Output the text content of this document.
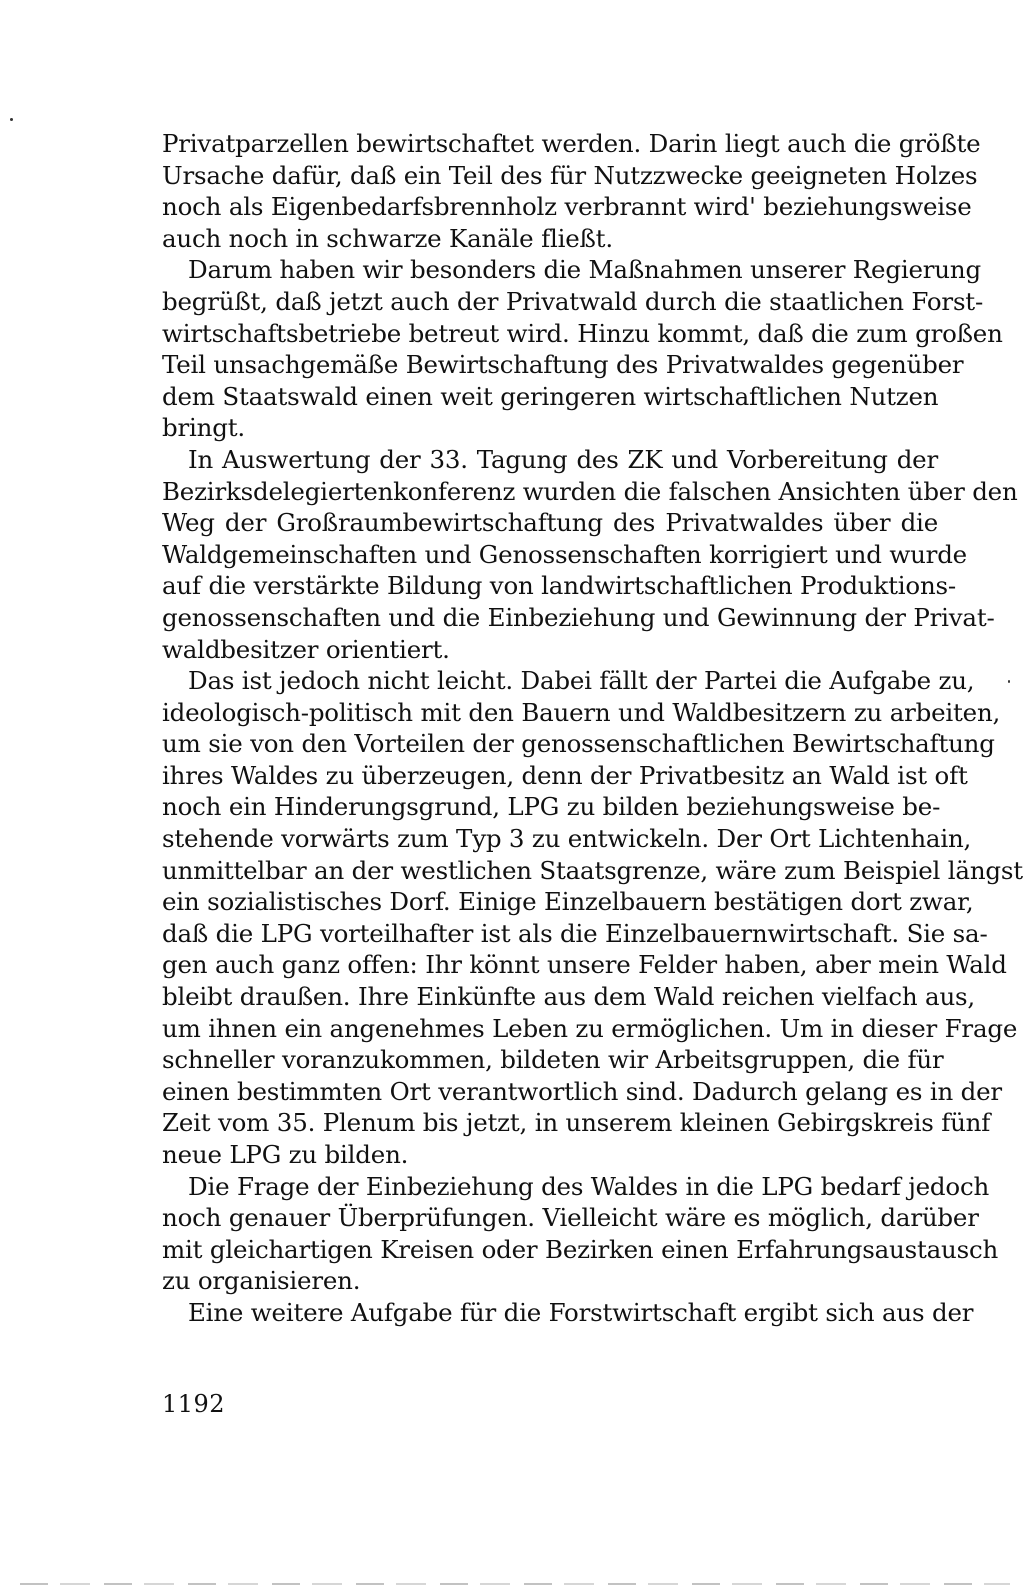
Privatparzellen bewirtschaftet werden. Darin liegt auch die größte
Ursache dafür, daß ein Teil des für Nutzzwecke geeigneten Holzes
noch als Eigenbedarfsbrennholz verbrannt wird' beziehungsweise
auch noch in schwarze Kanäle fließt.
Darum haben wir besonders die Maßnahmen unserer Regierung
begrüßt, daß jetzt auch der Privatwald durch die staatlichen Forst-
wirtschaftsbetriebe betreut wird. Hinzu kommt, daß die zum großen
Teil unsachgemäße Bewirtschaftung des Privatwaldes gegenüber
dem Staatswald einen weit geringeren wirtschaftlichen Nutzen
bringt.
In Auswertung der 33. Tagung des ZK und Vorbereitung der
Bezirksdelegiertenkonferenz wurden die falschen Ansichten über den
Weg der Großraumbewirtschaftung des Privatwaldes über die
Waldgemeinschaften und Genossenschaften korrigiert und wurde
auf die verstärkte Bildung von landwirtschaftlichen Produktions-
genossenschaften und die Einbeziehung und Gewinnung der Privat-
waldbesitzer orientiert.
Das ist jedoch nicht leicht. Dabei fällt der Partei die Aufgabe zu,
ideologisch-politisch mit den Bauern und Waldbesitzern zu arbeiten,
um sie von den Vorteilen der genossenschaftlichen Bewirtschaftung
ihres Waldes zu überzeugen, denn der Privatbesitz an Wald ist oft
noch ein Hinderungsgrund, LPG zu bilden beziehungsweise be-
stehende vorwärts zum Typ 3 zu entwickeln. Der Ort Lichtenhain,
unmittelbar an der westlichen Staatsgrenze, wäre zum Beispiel längst
ein sozialistisches Dorf. Einige Einzelbauern bestätigen dort zwar,
daß die LPG vorteilhafter ist als die Einzelbauernwirtschaft. Sie sa-
gen auch ganz offen: Ihr könnt unsere Felder haben, aber mein Wald
bleibt draußen. Ihre Einkünfte aus dem Wald reichen vielfach aus,
um ihnen ein angenehmes Leben zu ermöglichen. Um in dieser Frage
schneller voranzukommen, bildeten wir Arbeitsgruppen, die für
einen bestimmten Ort verantwortlich sind. Dadurch gelang es in der
Zeit vom 35. Plenum bis jetzt, in unserem kleinen Gebirgskreis fünf
neue LPG zu bilden.
Die Frage der Einbeziehung des Waldes in die LPG bedarf jedoch
noch genauer Überprüfungen. Vielleicht wäre es möglich, darüber
mit gleichartigen Kreisen oder Bezirken einen Erfahrungsaustausch
zu organisieren.
Eine weitere Aufgabe für die Forstwirtschaft ergibt sich aus der
1192
